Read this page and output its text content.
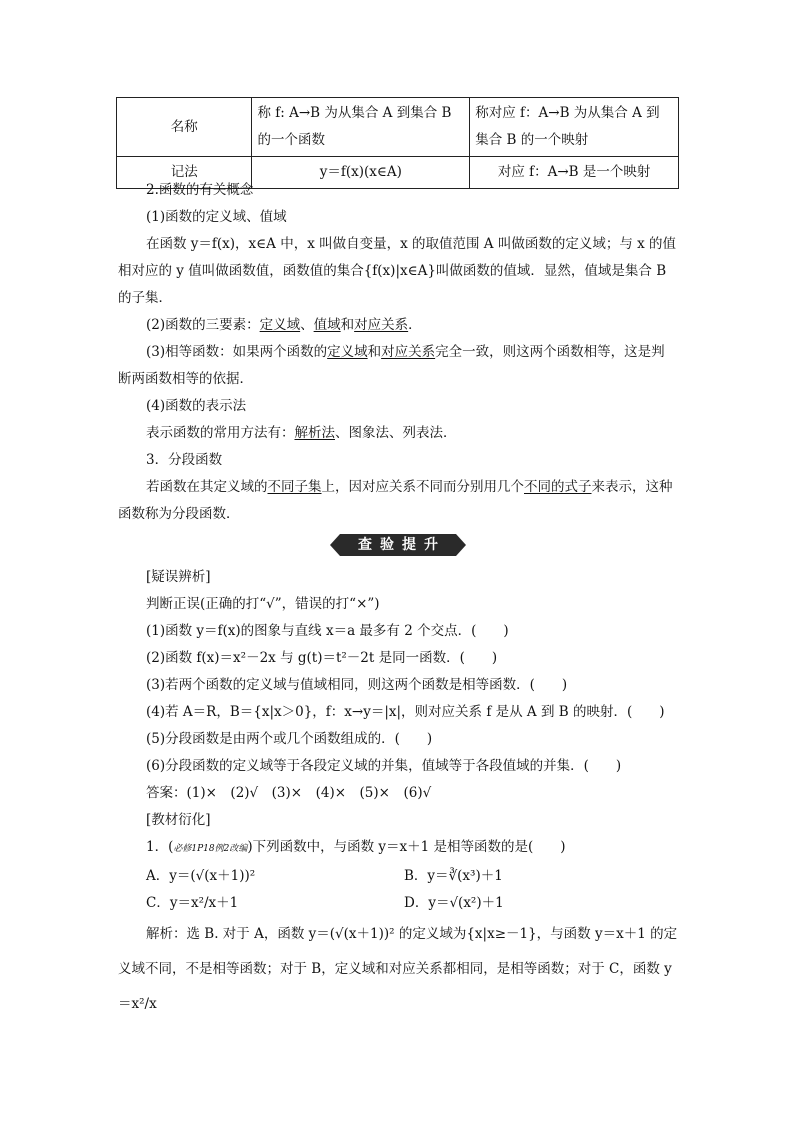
名称	称 f: A→B 为从集合 A 到集合 B 的一个函数	称对应 f：A→B 为从集合 A 到集合 B 的一个映射
记法	y＝f(x)(x∈A)	对应 f：A→B 是一个映射

2.函数的有关概念

(1)函数的定义域、值域

在函数 y＝f(x)，x∈A 中，x 叫做自变量，x 的取值范围 A 叫做函数的定义域；与 x 的值相对应的 y 值叫做函数值，函数值的集合{f(x)|x∈A}叫做函数的值域．显然，值域是集合 B 的子集．

(2)函数的三要素：定义域、值域和对应关系．

(3)相等函数：如果两个函数的定义域和对应关系完全一致，则这两个函数相等，这是判断两函数相等的依据．

(4)函数的表示法

表示函数的常用方法有：解析法、图象法、列表法．

3．分段函数

若函数在其定义域的不同子集上，因对应关系不同而分别用几个不同的式子来表示，这种函数称为分段函数．

查验提升

[疑误辨析]

判断正误(正确的打“√”，错误的打“×”)

(1)函数 y＝f(x)的图象与直线 x＝a 最多有 2 个交点．(　　)

(2)函数 f(x)＝x²－2x 与 g(t)＝t²－2t 是同一函数．(　　)

(3)若两个函数的定义域与值域相同，则这两个函数是相等函数．(　　)

(4)若 A＝R，B＝{x|x＞0}，f：x→y＝|x|，则对应关系 f 是从 A 到 B 的映射．(　　)

(5)分段函数是由两个或几个函数组成的．(　　)

(6)分段函数的定义域等于各段定义域的并集，值域等于各段值域的并集．(　　)

答案：(1)×　(2)√　(3)×　(4)×　(5)×　(6)√

[教材衍化]

1．(必修1P18例2改编)下列函数中，与函数 y＝x＋1 是相等函数的是(　　)

A．y＝(√(x＋1))²	B．y＝∛(x³)＋1
C．y＝x²/x＋1	D．y＝√(x²)＋1

解析：选 B. 对于 A，函数 y＝(√(x＋1))² 的定义域为{x|x≥－1}，与函数 y＝x＋1 的定义域不同，不是相等函数；对于 B，定义域和对应关系都相同，是相等函数；对于 C，函数 y＝x²/x
